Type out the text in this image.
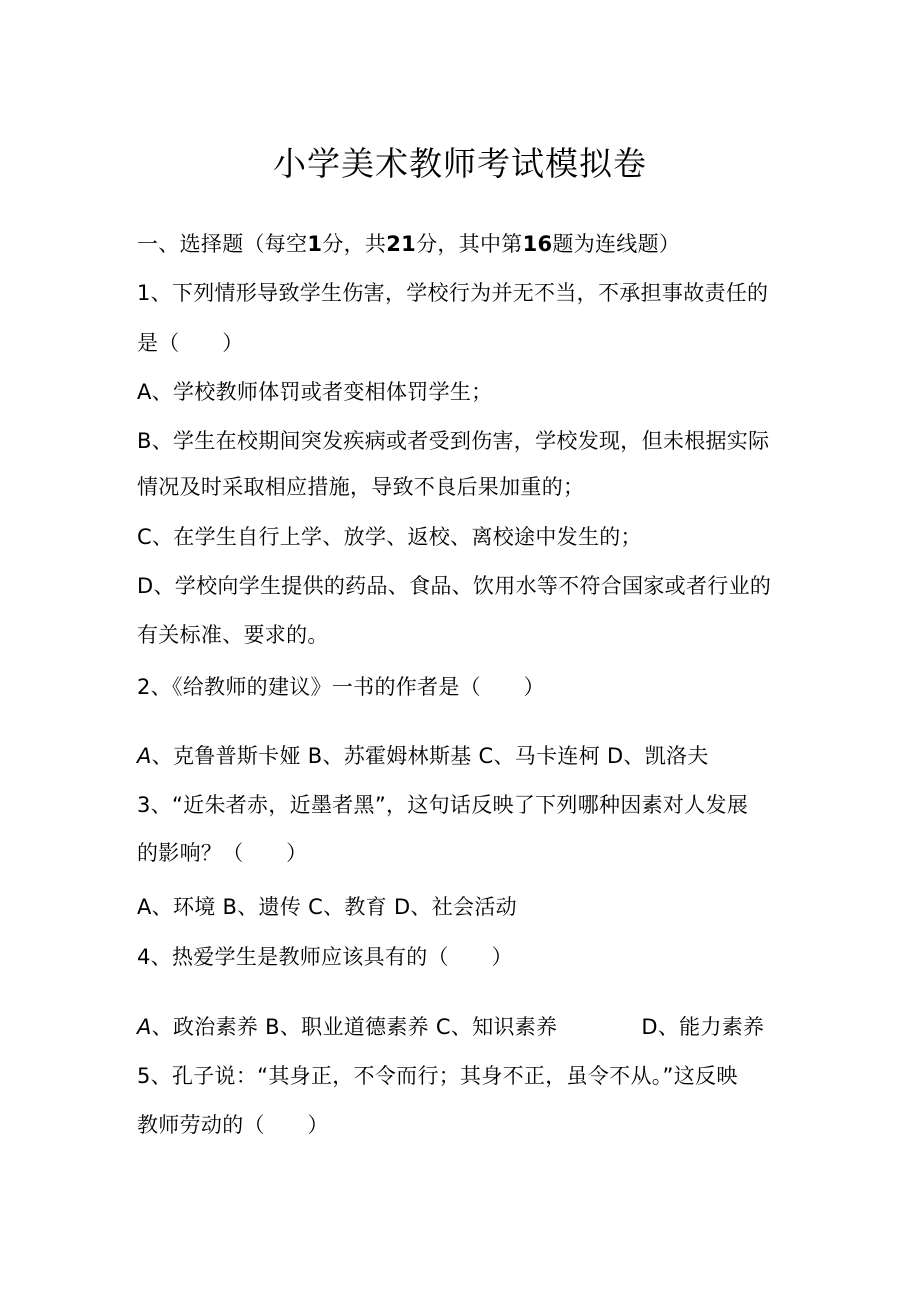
小学美术教师考试模拟卷
一、选择题（每空1分，共21分，其中第16题为连线题）
1、下列情形导致学生伤害，学校行为并无不当，不承担事故责任的
是（　　）
A、学校教师体罚或者变相体罚学生；
B、学生在校期间突发疾病或者受到伤害，学校发现，但未根据实际
情况及时采取相应措施，导致不良后果加重的；
C、在学生自行上学、放学、返校、离校途中发生的；
D、学校向学生提供的药品、食品、饮用水等不符合国家或者行业的
有关标准、要求的。
2、《给教师的建议》一书的作者是（　　）
A、克鲁普斯卡娅 B、苏霍姆林斯基 C、马卡连柯 D、凯洛夫
3、“近朱者赤，近墨者黑”，这句话反映了下列哪种因素对人发展
的影响？（　　）
A、环境 B、遗传 C、教育 D、社会活动
4、热爱学生是教师应该具有的（　　）
A、政治素养 B、职业道德素养 C、知识素养	D、能力素养
5、孔子说：“其身正，不令而行；其身不正，虽令不从。”这反映
教师劳动的（　　）
